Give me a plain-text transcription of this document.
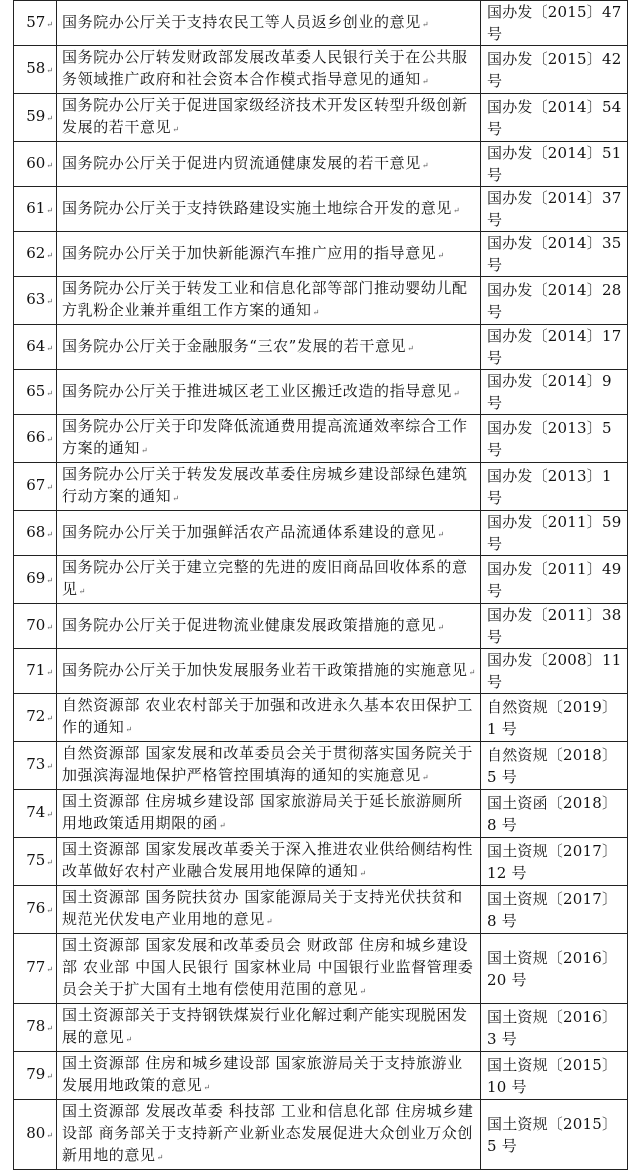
57↵	国务院办公厅关于支持农民工等人员返乡创业的意见↵	国办发〔2015〕47 号
58↵	国务院办公厅转发财政部发展改革委人民银行关于在公共服务领域推广政府和社会资本合作模式指导意见的通知↵	国办发〔2015〕42 号
59↵	国务院办公厅关于促进国家级经济技术开发区转型升级创新发展的若干意见↵	国办发〔2014〕54 号
60↵	国务院办公厅关于促进内贸流通健康发展的若干意见↵	国办发〔2014〕51 号
61↵	国务院办公厅关于支持铁路建设实施土地综合开发的意见↵	国办发〔2014〕37 号
62↵	国务院办公厅关于加快新能源汽车推广应用的指导意见↵	国办发〔2014〕35 号
63↵	国务院办公厅关于转发工业和信息化部等部门推动婴幼儿配方乳粉企业兼并重组工作方案的通知↵	国办发〔2014〕28 号
64↵	国务院办公厅关于金融服务“三农”发展的若干意见↵	国办发〔2014〕17 号
65↵	国务院办公厅关于推进城区老工业区搬迁改造的指导意见↵	国办发〔2014〕9 号
66↵	国务院办公厅关于印发降低流通费用提高流通效率综合工作方案的通知↵	国办发〔2013〕5 号
67↵	国务院办公厅关于转发发展改革委住房城乡建设部绿色建筑行动方案的通知↵	国办发〔2013〕1 号
68↵	国务院办公厅关于加强鲜活农产品流通体系建设的意见↵	国办发〔2011〕59 号
69↵	国务院办公厅关于建立完整的先进的废旧商品回收体系的意见↵	国办发〔2011〕49 号
70↵	国务院办公厅关于促进物流业健康发展政策措施的意见↵	国办发〔2011〕38 号
71↵	国务院办公厅关于加快发展服务业若干政策措施的实施意见↵	国办发〔2008〕11 号
72↵	自然资源部 农业农村部关于加强和改进永久基本农田保护工作的通知↵	自然资规〔2019〕1 号
73↵	自然资源部 国家发展和改革委员会关于贯彻落实国务院关于加强滨海湿地保护严格管控围填海的通知的实施意见↵	自然资规〔2018〕5 号
74↵	国土资源部 住房城乡建设部 国家旅游局关于延长旅游厕所用地政策适用期限的函↵	国土资函〔2018〕8 号
75↵	国土资源部 国家发展改革委关于深入推进农业供给侧结构性改革做好农村产业融合发展用地保障的通知↵	国土资规〔2017〕12 号
76↵	国土资源部 国务院扶贫办 国家能源局关于支持光伏扶贫和规范光伏发电产业用地的意见↵	国土资规〔2017〕8 号
77↵	国土资源部 国家发展和改革委员会 财政部 住房和城乡建设部 农业部 中国人民银行 国家林业局 中国银行业监督管理委员会关于扩大国有土地有偿使用范围的意见↵	国土资规〔2016〕20 号
78↵	国土资源部关于支持钢铁煤炭行业化解过剩产能实现脱困发展的意见↵	国土资规〔2016〕3 号
79↵	国土资源部 住房和城乡建设部 国家旅游局关于支持旅游业发展用地政策的意见↵	国土资规〔2015〕10 号
80↵	国土资源部 发展改革委 科技部 工业和信息化部 住房城乡建设部 商务部关于支持新产业新业态发展促进大众创业万众创新用地的意见↵	国土资规〔2015〕5 号
